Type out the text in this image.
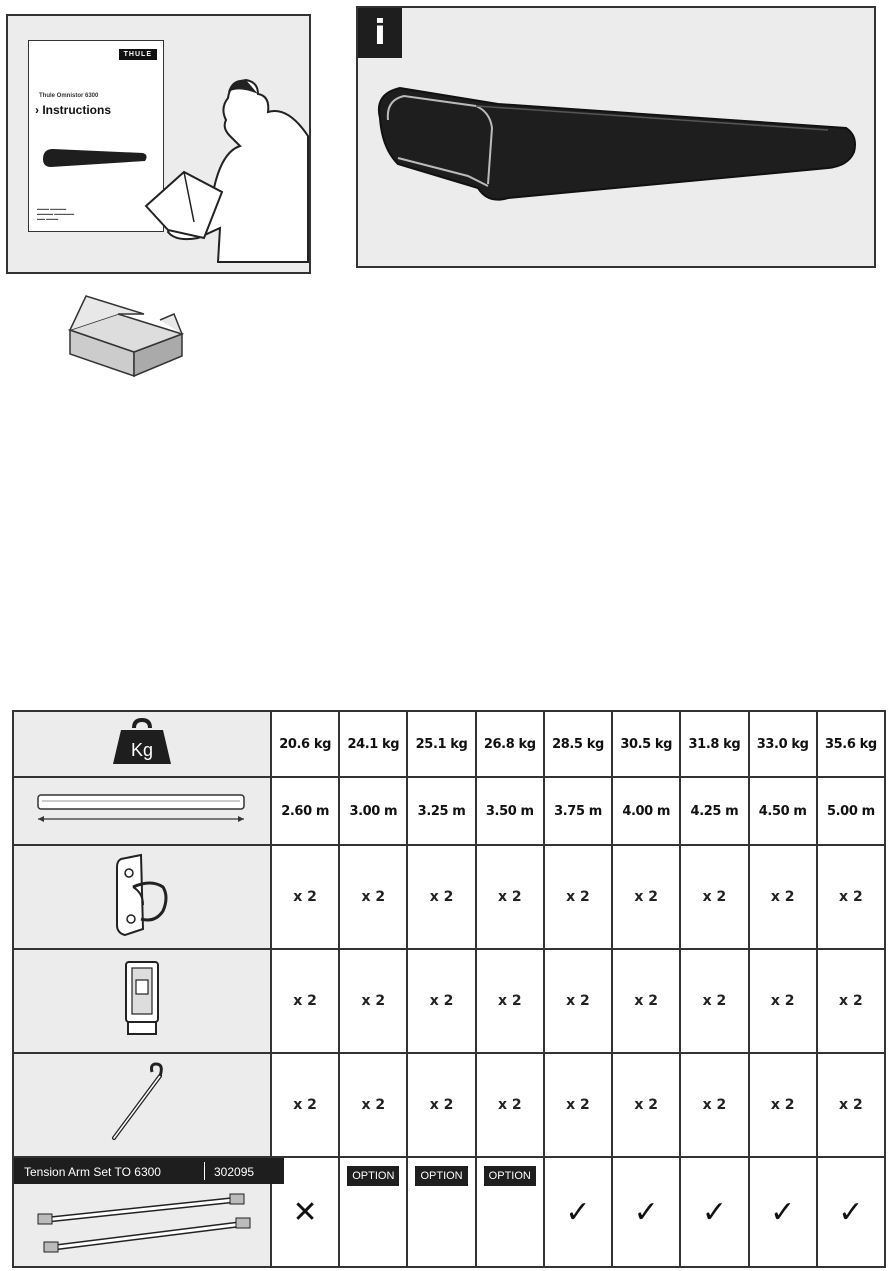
THULE
Thule Omnistor 6300
› Instructions
▬▬▬ ▬▬▬▬
▬▬▬▬ ▬▬▬▬▬
▬▬ ▬▬▬
i
x 1	x 1
Kg	20.6 kg	24.1 kg	25.1 kg	26.8 kg	28.5 kg	30.5 kg	31.8 kg	33.0 kg	35.6 kg
	2.60 m	3.00 m	3.25 m	3.50 m	3.75 m	4.00 m	4.25 m	4.50 m	5.00 m
	x 2	x 2	x 2	x 2	x 2	x 2	x 2	x 2	x 2
	x 2	x 2	x 2	x 2	x 2	x 2	x 2	x 2	x 2
	x 2	x 2	x 2	x 2	x 2	x 2	x 2	x 2	x 2

Tension Arm Set TO 6300 302095	✕	OPTION	OPTION	OPTION	✓	✓	✓	✓	✓
